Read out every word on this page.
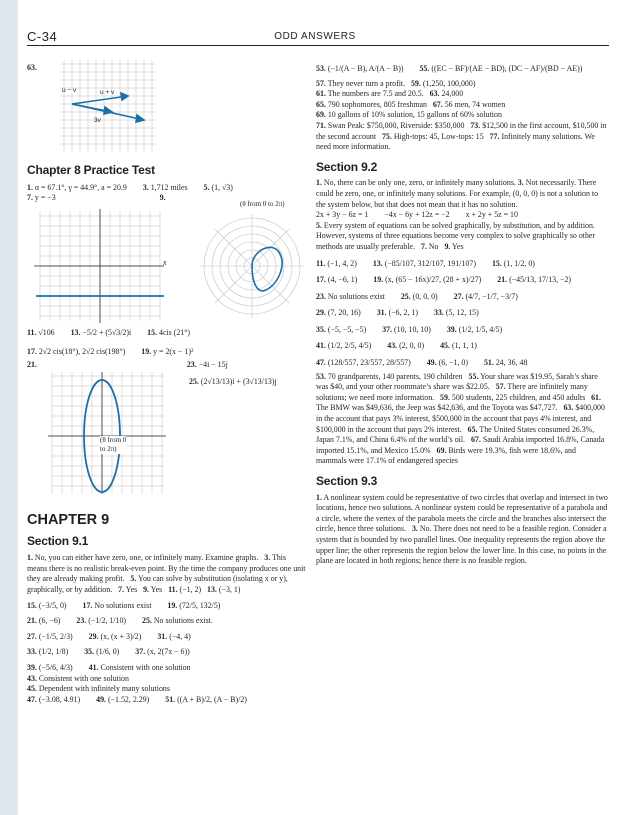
C-34	ODD ANSWERS
63.
u − v	u + v
3v
Chapter 8 Practice Test
1. α = 67.1°, γ = 44.9°, a = 20.9 3. 1,712 miles 5. (1, √3)
7. y = −3	9.
x
(θ from 0 to 2π)
11. √106 13. −5/2 + (5√3/2)i 15. 4cis (21°)
17. 2√2 cis(18°), 2√2 cis(198°) 19. y = 2(x − 1)²
21.	23. −4i − 15j
25. (2√13/13)i + (3√13/13)j
(θ from 0
to 2π)
CHAPTER 9
Section 9.1
1. No, you can either have zero, one, or infinitely many. Examine graphs. 3. This means there is no realistic break-even point. By the time the company produces one unit they are already making profit. 5. You can solve by substitution (isolating x or y), graphically, or by addition. 7. Yes 9. Yes 11. (−1, 2) 13. (−3, 1)
15. (−3/5, 0) 17. No solutions exist 19. (72/5, 132/5)
21. (6, −6) 23. (−1/2, 1/10) 25. No solutions exist.
27. (−1/5, 2/3) 29. (x, (x + 3)/2) 31. (−4, 4)
33. (1/2, 1/8) 35. (1/6, 0) 37. (x, 2(7x − 6))
39. (−5/6, 4/3) 41. Consistent with one solution
43. Consistent with one solution
45. Dependent with infinitely many solutions
47. (−3.08, 4.91) 49. (−1.52, 2.29) 51. ((A + B)/2, (A − B)/2)
53. (−1/(A − B), A/(A − B)) 55. ((EC − BF)/(AE − BD), (DC − AF)/(BD − AE))
57. They never turn a profit. 59. (1,250, 100,000)
61. The numbers are 7.5 and 20.5. 63. 24,000
65. 790 sophomores, 805 freshman 67. 56 men, 74 women
69. 10 gallons of 10% solution, 15 gallons of 60% solution
71. Swan Peak: $750,000, Riverside: $350,000 73. $12,500 in the first account, $10,500 in the second account 75. High-tops: 45, Low-tops: 15 77. Infinitely many solutions. We need more information.
Section 9.2
1. No, there can be only one, zero, or infinitely many solutions. 3. Not necessarily. There could be zero, one, or infinitely many solutions. For example, (0, 0, 0) is not a solution to the system below, but that does not mean that it has no solution.
2x + 3y − 6z = 1 −4x − 6y + 12z = −2 x + 2y + 5z = 10
5. Every system of equations can be solved graphically, by substitution, and by addition. However, systems of three equations become very complex to solve graphically so other methods are usually preferable. 7. No 9. Yes
11. (−1, 4, 2) 13. (−85/107, 312/107, 191/107) 15. (1, 1/2, 0)
17. (4, −6, 1) 19. (x, (65 − 16x)/27, (28 + x)/27) 21. (−45/13, 17/13, −2)
23. No solutions exist 25. (0, 0, 0) 27. (4/7, −1/7, −3/7)
29. (7, 20, 16) 31. (−6, 2, 1) 33. (5, 12, 15)
35. (−5, −5, −5) 37. (10, 10, 10) 39. (1/2, 1/5, 4/5)
41. (1/2, 2/5, 4/5) 43. (2, 0, 0) 45. (1, 1, 1)
47. (128/557, 23/557, 28/557) 49. (6, −1, 0) 51. 24, 36, 48
53. 70 grandparents, 140 parents, 190 children 55. Your share was $19.95, Sarah’s share was $40, and your other roommate’s share was $22.05. 57. There are infinitely many solutions; we need more information. 59. 500 students, 225 children, and 450 adults 61. The BMW was $49,636, the Jeep was $42,636, and the Toyota was $47,727. 63. $400,000 in the account that pays 3% interest, $500,000 in the account that pays 4% interest, and $100,000 in the account that pays 2% interest. 65. The United States consumed 26.3%, Japan 7.1%, and China 6.4% of the world’s oil. 67. Saudi Arabia imported 16.8%, Canada imported 15.1%, and Mexico 15.0% 69. Birds were 19.3%, fish were 18.6%, and mammals were 17.1% of endangered species
Section 9.3
1. A nonlinear system could be representative of two circles that overlap and intersect in two locations, hence two solutions. A nonlinear system could be representative of a parabola and a circle, where the vertex of the parabola meets the circle and the branches also intersect the circle, hence three solutions. 3. No. There does not need to be a feasible region. Consider a system that is bounded by two parallel lines. One inequality represents the region above the upper line; the other represents the region below the lower line. In this case, no points in the plane are located in both regions; hence there is no feasible region.
